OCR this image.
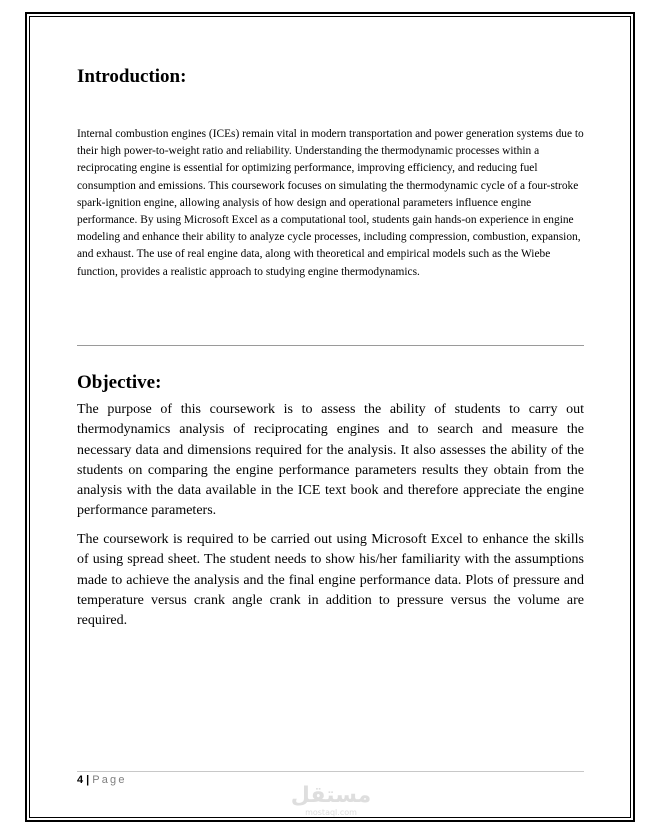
Introduction:

Internal combustion engines (ICEs) remain vital in modern transportation and power generation systems due to their high power-to-weight ratio and reliability. Understanding the thermodynamic processes within a reciprocating engine is essential for optimizing performance, improving efficiency, and reducing fuel consumption and emissions. This coursework focuses on simulating the thermodynamic cycle of a four-stroke spark-ignition engine, allowing analysis of how design and operational parameters influence engine performance. By using Microsoft Excel as a computational tool, students gain hands-on experience in engine modeling and enhance their ability to analyze cycle processes, including compression, combustion, expansion, and exhaust. The use of real engine data, along with theoretical and empirical models such as the Wiebe function, provides a realistic approach to studying engine thermodynamics.

Objective:

The purpose of this coursework is to assess the ability of students to carry out thermodynamics analysis of reciprocating engines and to search and measure the necessary data and dimensions required for the analysis. It also assesses the ability of the students on comparing the engine performance parameters results they obtain from the analysis with the data available in the ICE text book and therefore appreciate the engine performance parameters.

The coursework is required to be carried out using Microsoft Excel to enhance the skills of using spread sheet. The student needs to show his/her familiarity with the assumptions made to achieve the analysis and the final engine performance data. Plots of pressure and temperature versus crank angle crank in addition to pressure versus the volume are required.

4 | Page
مستقل
mostaql.com
